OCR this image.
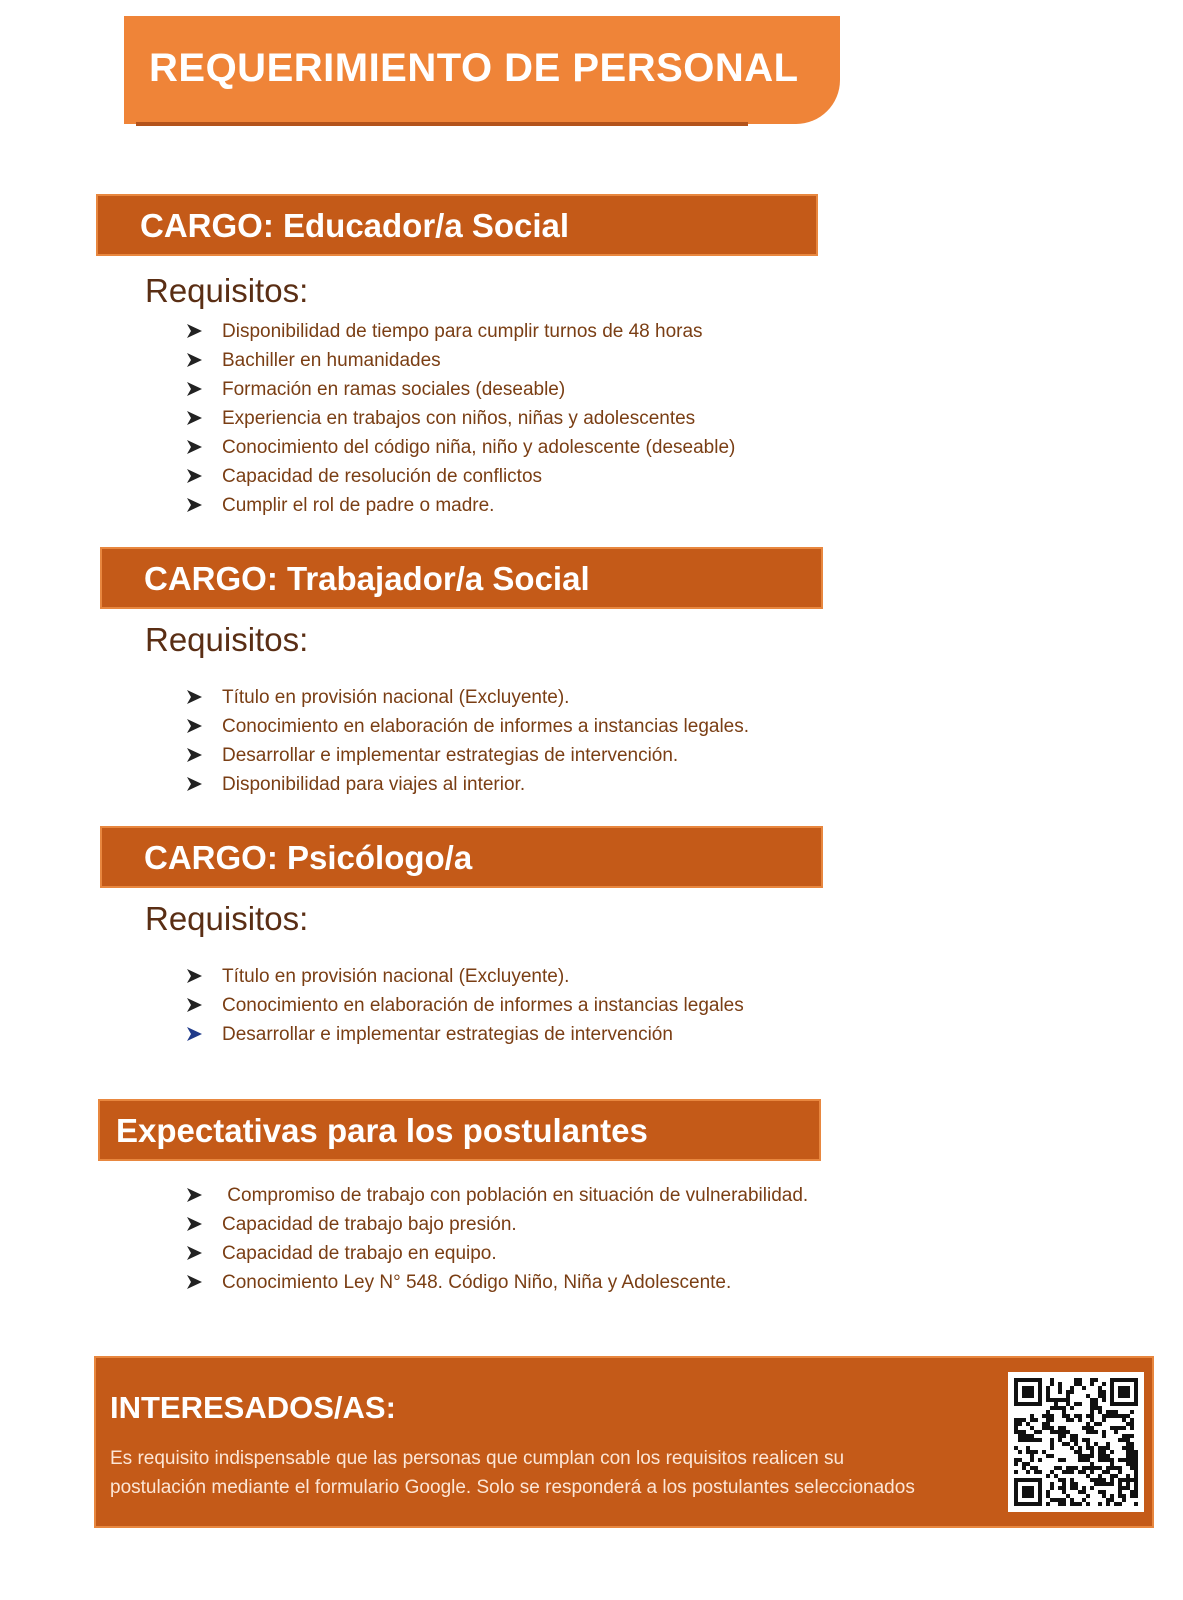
REQUERIMIENTO DE PERSONAL
CARGO: Educador/a Social
Requisitos:
Disponibilidad de tiempo para cumplir turnos de 48 horas
Bachiller en humanidades
Formación en ramas sociales (deseable)
Experiencia en trabajos con niños, niñas y adolescentes
Conocimiento del código niña, niño y adolescente (deseable)
Capacidad de resolución de conflictos
Cumplir el rol de padre o madre.
CARGO: Trabajador/a Social
Requisitos:
Título en provisión nacional (Excluyente).
Conocimiento en elaboración de informes a instancias legales.
Desarrollar e implementar estrategias de intervención.
Disponibilidad para viajes al interior.
CARGO: Psicólogo/a
Requisitos:
Título en provisión nacional (Excluyente).
Conocimiento en elaboración de informes a instancias legales
Desarrollar e implementar estrategias de intervención
Expectativas para los postulantes
Compromiso de trabajo con población en situación de vulnerabilidad.
Capacidad de trabajo bajo presión.
Capacidad de trabajo en equipo.
Conocimiento Ley N° 548. Código Niño, Niña y Adolescente.
INTERESADOS/AS:
Es requisito indispensable que las personas que cumplan con los requisitos realicen su
postulación mediante el formulario Google. Solo se responderá a los postulantes seleccionados
